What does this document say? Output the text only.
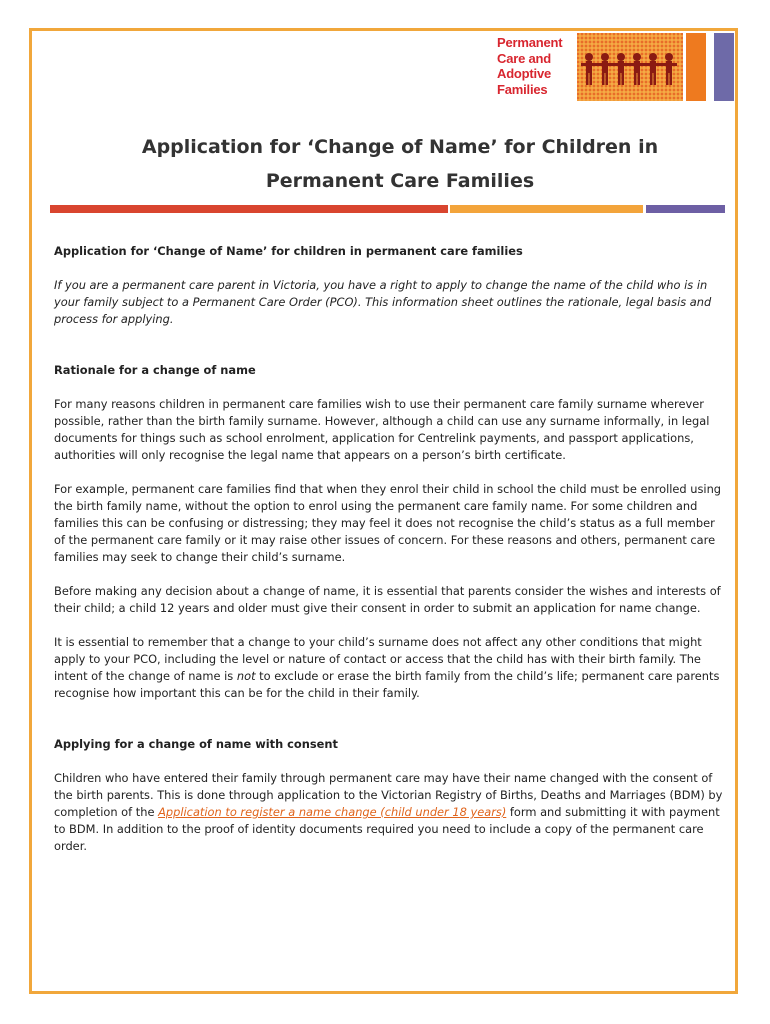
Permanent
Care and
Adoptive
Families
Application for ‘Change of Name’ for Children in
Permanent Care Families

Application for ‘Change of Name’ for children in permanent care families

If you are a permanent care parent in Victoria, you have a right to apply to change the name of the child who is in your family subject to a Permanent Care Order (PCO). This information sheet outlines the rationale, legal basis and process for applying.

Rationale for a change of name

For many reasons children in permanent care families wish to use their permanent care family surname wherever possible, rather than the birth family surname. However, although a child can use any surname informally, in legal documents for things such as school enrolment, application for Centrelink payments, and passport applications, authorities will only recognise the legal name that appears on a person’s birth certificate.

For example, permanent care families find that when they enrol their child in school the child must be enrolled using the birth family name, without the option to enrol using the permanent care family name. For some children and families this can be confusing or distressing; they may feel it does not recognise the child’s status as a full member of the permanent care family or it may raise other issues of concern. For these reasons and others, permanent care families may seek to change their child’s surname.

Before making any decision about a change of name, it is essential that parents consider the wishes and interests of their child; a child 12 years and older must give their consent in order to submit an application for name change.

It is essential to remember that a change to your child’s surname does not affect any other conditions that might apply to your PCO, including the level or nature of contact or access that the child has with their birth family. The intent of the change of name is not to exclude or erase the birth family from the child’s life; permanent care parents recognise how important this can be for the child in their family.

Applying for a change of name with consent

Children who have entered their family through permanent care may have their name changed with the consent of the birth parents. This is done through application to the Victorian Registry of Births, Deaths and Marriages (BDM) by completion of the Application to register a name change (child under 18 years) form and submitting it with payment to BDM. In addition to the proof of identity documents required you need to include a copy of the permanent care order.
